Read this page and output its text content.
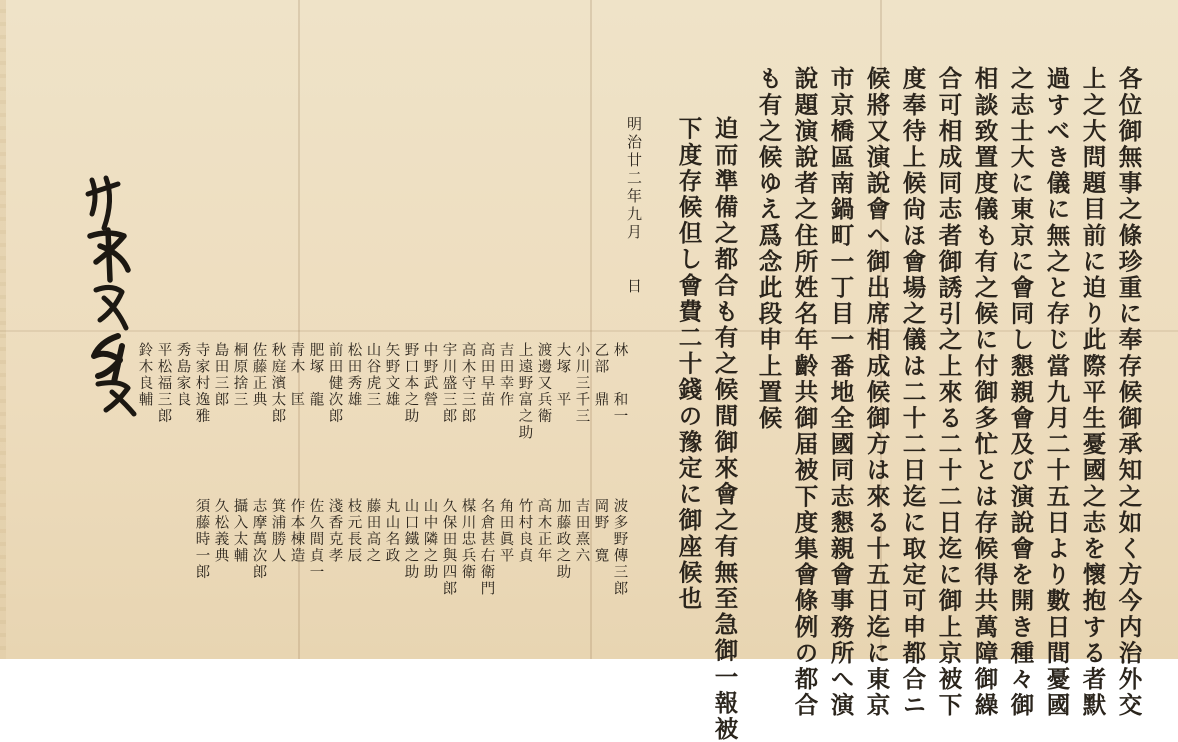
各位御無事之條珍重に奉存候御承知之如く方今内治外交
上之大問題目前に迫り此際平生憂國之志を懷抱する者默
過すべき儀に無之と存じ當九月二十五日より數日間憂國
之志士大に東京に會同し懇親會及び演說會を開き種々御
相談致置度儀も有之候に付御多忙とは存候得共萬障御繰
合可相成同志者御誘引之上來る二十二日迄に御上京被下
度奉待上候尙ほ會場之儀は二十二日迄に取定可申都合ニ
候將又演說會へ御出席相成候御方は來る十五日迄に東京
市京橋區南鍋町一丁目一番地全國同志懇親會事務所へ演
說題演說者之住所姓名年齡共御届被下度集會條例の都合
も有之候ゆえ爲念此段申上置候
迫而準備之都合も有之候間御來會之有無至急御一報被
下度存候但し會費二十錢の豫定に御座候也
明治廿二年九月　　日
林　　和一
乙部　鼎
小川三千三
大塚　平
渡邊又兵衛
上遠野富之助
吉田幸作
高田早苗
高木守三郎
宇川盛三郎
中野武營
野口本之助
矢野文雄
山谷虎三
松田秀雄
前田健次郎
肥塚　龍
青木　匡
秋庭濱太郎
佐藤正典
桐原捨三
島田三郎
寺家村逸雅
秀島家良
平松福三郎
鈴木良輔
波多野傳三郎
岡野　寛
吉田熹六
加藤政之助
高木正年
竹村良貞
角田眞平
名倉甚右衛門
楳川忠兵衛
久保田與四郎
山中隣之助
山口鐵之助
丸山名政
藤田高之
枝元長辰
淺香克孝
佐久間貞一
作本棟造
箕浦勝人
志摩萬次郎
攝入太輔
久松義典
須藤時一郎
